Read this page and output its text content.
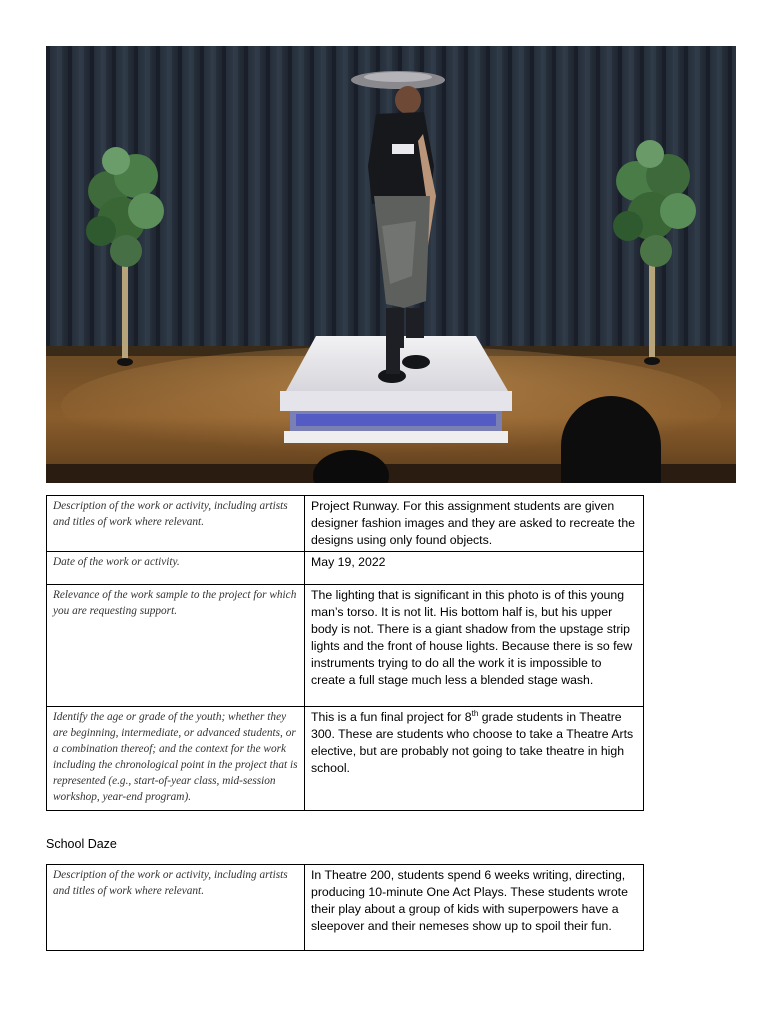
Description of the work or activity, including artists and titles of work where relevant.	Project Runway. For this assignment students are given designer fashion images and they are asked to recreate the designs using only found objects.
Date of the work or activity.	May 19, 2022
Relevance of the work sample to the project for which you are requesting support.	The lighting that is significant in this photo is of this young man’s torso. It is not lit. His bottom half is, but his upper body is not. There is a giant shadow from the upstage strip lights and the front of house lights. Because there is so few instruments trying to do all the work it is impossible to create a full stage much less a blended stage wash.
Identify the age or grade of the youth; whether they are beginning, intermediate, or advanced students, or a combination thereof; and the context for the work including the chronological point in the project that is represented (e.g., start-of-year class, mid-session workshop, year-end program).	This is a fun final project for 8th grade students in Theatre 300. These are students who choose to take a Theatre Arts elective, but are probably not going to take theatre in high school.
School Daze
Description of the work or activity, including artists and titles of work where relevant.	In Theatre 200, students spend 6 weeks writing, directing, producing 10-minute One Act Plays. These students wrote their play about a group of kids with superpowers have a sleepover and their nemeses show up to spoil their fun.
